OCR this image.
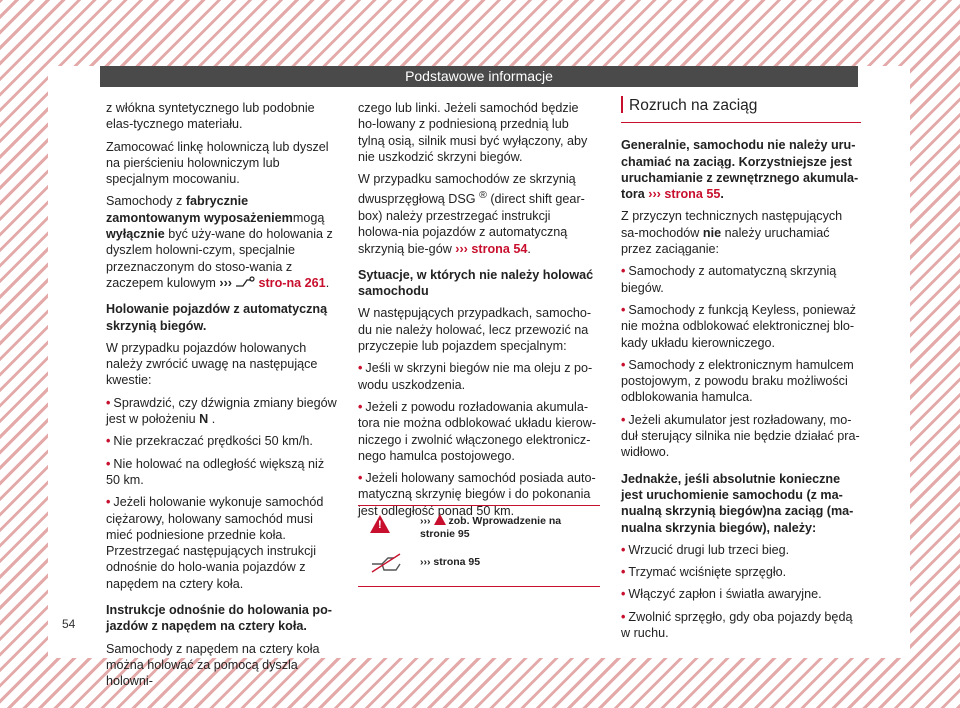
Podstawowe informacje

z włókna syntetycznego lub podobnie elas-tycznego materiału.

Zamocować linkę holowniczą lub dyszel na pierścieniu holowniczym lub specjalnym mocowaniu.

Samochody z fabrycznie zamontowanym wyposażeniemmogą wyłącznie być uży-wane do holowania z dyszlem holowni-czym, specjalnie przeznaczonym do stoso-wania z zaczepem kulowym ››› stro-na 261.

Holowanie pojazdów z automatyczną skrzynią biegów.

W przypadku pojazdów holowanych należy zwrócić uwagę na następujące kwestie:

• Sprawdzić, czy dźwignia zmiany biegów jest w położeniu N .

• Nie przekraczać prędkości 50 km/h.

• Nie holować na odległość większą niż 50 km.

• Jeżeli holowanie wykonuje samochód ciężarowy, holowany samochód musi mieć podniesione przednie koła. Przestrzegać następujących instrukcji odnośnie do holo-wania pojazdów z napędem na cztery koła.

Instrukcje odnośnie do holowania po-jazdów z napędem na cztery koła.

Samochody z napędem na cztery koła można holować za pomocą dyszla holowni-

czego lub linki. Jeżeli samochód będzie ho-lowany z podniesioną przednią lub tylną osią, silnik musi być wyłączony, aby nie uszkodzić skrzyni biegów.

W przypadku samochodów ze skrzynią dwusprzęgłową DSG ® (direct shift gear-box) należy przestrzegać instrukcji holowa-nia pojazdów z automatyczną skrzynią bie-gów ››› strona 54.

Sytuacje, w których nie należy holować samochodu

W następujących przypadkach, samocho-du nie należy holować, lecz przewozić na przyczepie lub pojazdem specjalnym:

• Jeśli w skrzyni biegów nie ma oleju z po-wodu uszkodzenia.

• Jeżeli z powodu rozładowania akumula-tora nie można odblokować układu kierow-niczego i zwolnić włączonego elektronicz-nego hamulca postojowego.

• Jeżeli holowany samochód posiada auto-matyczną skrzynię biegów i do pokonania jest odległość ponad 50 km.

!
››› zob. Wprowadzenie na stronie 95
››› strona 95
Rozruch na zaciąg

Generalnie, samochodu nie należy uru-chamiać na zaciąg. Korzystniejsze jest uruchamianie z zewnętrznego akumula-tora ››› strona 55.

Z przyczyn technicznych następujących sa-mochodów nie należy uruchamiać przez zaciąganie:

• Samochody z automatyczną skrzynią biegów.

• Samochody z funkcją Keyless, ponieważ nie można odblokować elektronicznej blo-kady układu kierowniczego.

• Samochody z elektronicznym hamulcem postojowym, z powodu braku możliwości odblokowania hamulca.

• Jeżeli akumulator jest rozładowany, mo-duł sterujący silnika nie będzie działać pra-widłowo.

Jednakże, jeśli absolutnie konieczne jest uruchomienie samochodu (z ma-nualną skrzynią biegów)na zaciąg (ma-nualna skrzynia biegów), należy:

• Wrzucić drugi lub trzeci bieg.

• Trzymać wciśnięte sprzęgło.

• Włączyć zapłon i światła awaryjne.

• Zwolnić sprzęgło, gdy oba pojazdy będą w ruchu.

54
